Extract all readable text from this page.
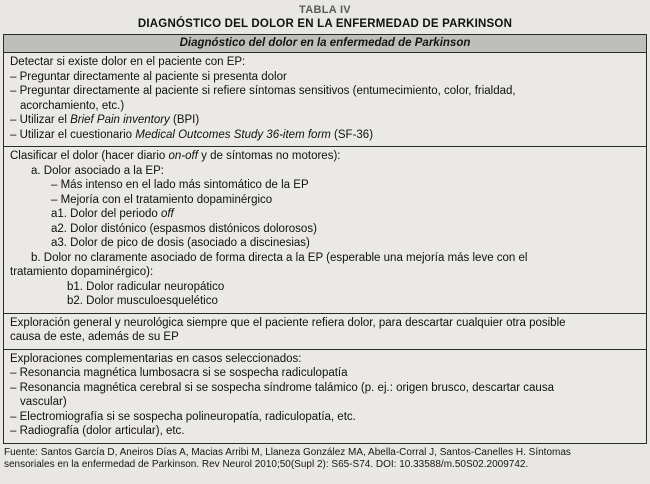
TABLA IV
DIAGNÓSTICO DEL DOLOR EN LA ENFERMEDAD DE PARKINSON
Diagnóstico del dolor en la enfermedad de Parkinson
Detectar si existe dolor en el paciente con EP:
– Preguntar directamente al paciente si presenta dolor
– Preguntar directamente al paciente si refiere síntomas sensitivos (entumecimiento, color, frialdad,
acorchamiento, etc.)
– Utilizar el Brief Pain inventory (BPI)
– Utilizar el cuestionario Medical Outcomes Study 36-item form (SF-36)
Clasificar el dolor (hacer diario on-off y de síntomas no motores):
a. Dolor asociado a la EP:
– Más intenso en el lado más sintomático de la EP
– Mejoría con el tratamiento dopaminérgico
a1. Dolor del periodo off
a2. Dolor distónico (espasmos distónicos dolorosos)
a3. Dolor de pico de dosis (asociado a discinesias)
b. Dolor no claramente asociado de forma directa a la EP (esperable una mejoría más leve con el
tratamiento dopaminérgico):
b1. Dolor radicular neuropático
b2. Dolor musculoesquelético
Exploración general y neurológica siempre que el paciente refiera dolor, para descartar cualquier otra posible
causa de este, además de su EP
Exploraciones complementarias en casos seleccionados:
– Resonancia magnética lumbosacra si se sospecha radiculopatía
– Resonancia magnética cerebral si se sospecha síndrome talámico (p. ej.: origen brusco, descartar causa
vascular)
– Electromiografía si se sospecha polineuropatía, radiculopatía, etc.
– Radiografía (dolor articular), etc.
Fuente: Santos García D, Aneiros Días A, Macias Arribi M, Llaneza González MA, Abella-Corral J, Santos-Canelles H. Síntomas
sensoriales en la enfermedad de Parkinson. Rev Neurol 2010;50(Supl 2): S65-S74. DOI: 10.33588/m.50S02.2009742.
